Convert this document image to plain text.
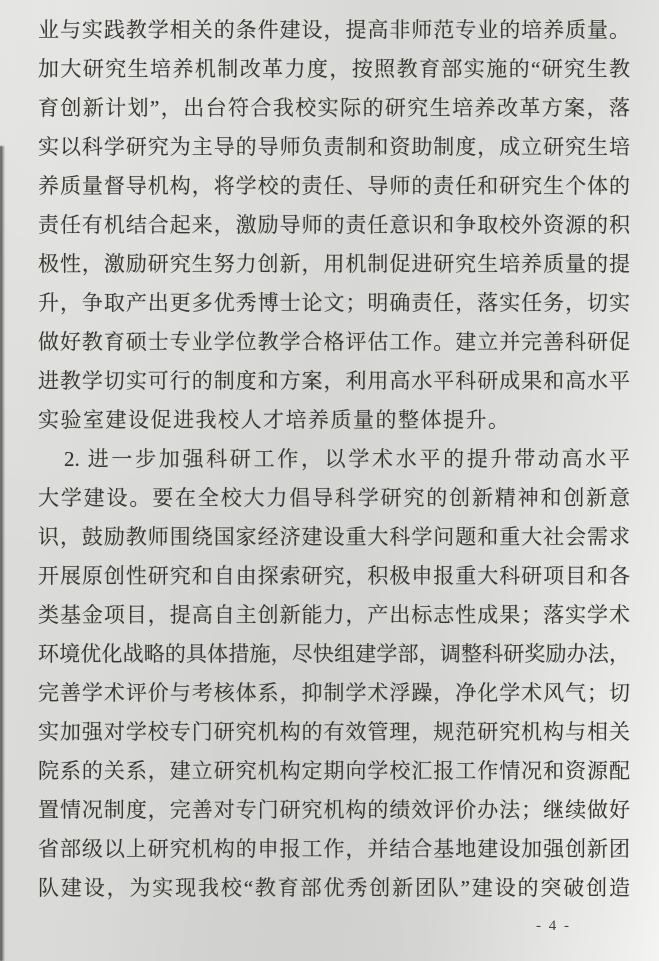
业与实践教学相关的条件建设，提高非师范专业的培养质量。

加大研究生培养机制改革力度，按照教育部实施的“研究生教

育创新计划”，出台符合我校实际的研究生培养改革方案，落

实以科学研究为主导的导师负责制和资助制度，成立研究生培

养质量督导机构，将学校的责任、导师的责任和研究生个体的

责任有机结合起来，激励导师的责任意识和争取校外资源的积

极性，激励研究生努力创新，用机制促进研究生培养质量的提

升，争取产出更多优秀博士论文；明确责任，落实任务，切实

做好教育硕士专业学位教学合格评估工作。建立并完善科研促

进教学切实可行的制度和方案，利用高水平科研成果和高水平

实验室建设促进我校人才培养质量的整体提升。

2. 进一步加强科研工作，以学术水平的提升带动高水平

大学建设。要在全校大力倡导科学研究的创新精神和创新意

识，鼓励教师围绕国家经济建设重大科学问题和重大社会需求

开展原创性研究和自由探索研究，积极申报重大科研项目和各

类基金项目，提高自主创新能力，产出标志性成果；落实学术

环境优化战略的具体措施，尽快组建学部，调整科研奖励办法，

完善学术评价与考核体系，抑制学术浮躁，净化学术风气；切

实加强对学校专门研究机构的有效管理，规范研究机构与相关

院系的关系，建立研究机构定期向学校汇报工作情况和资源配

置情况制度，完善对专门研究机构的绩效评价办法；继续做好

省部级以上研究机构的申报工作，并结合基地建设加强创新团

队建设，为实现我校“教育部优秀创新团队”建设的突破创造

- 4 -
